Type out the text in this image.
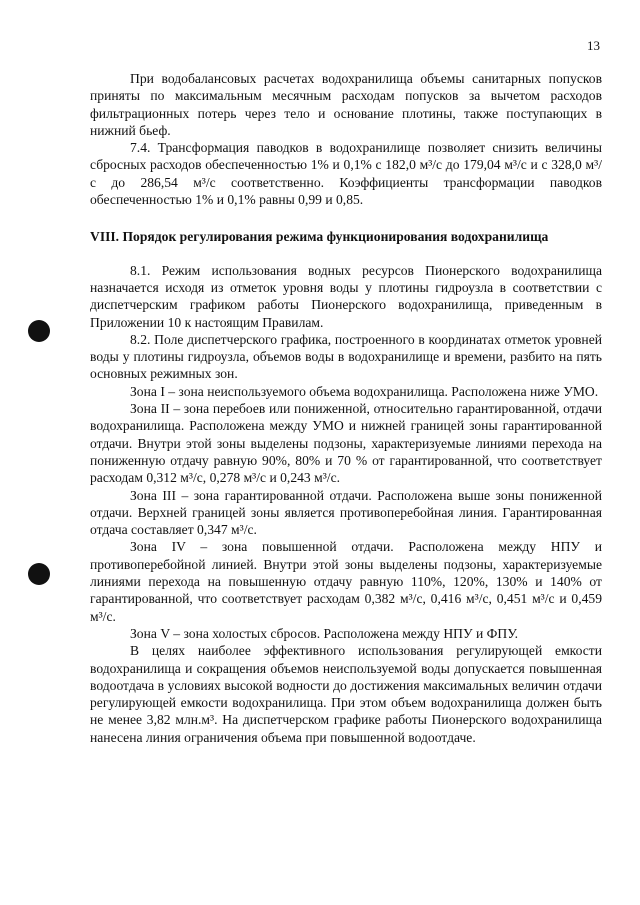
13

При водобалансовых расчетах водохранилища объемы санитарных попусков приняты по максимальным месячным расходам попусков за вычетом расходов фильтрационных потерь через тело и основание плотины, также поступающих в нижний бьеф.

7.4. Трансформация паводков в водохранилище позволяет снизить величины сбросных расходов обеспеченностью 1% и 0,1% с 182,0 м³/с до 179,04 м³/с и с 328,0 м³/с до 286,54 м³/с соответственно. Коэффициенты трансформации паводков обеспеченностью 1% и 0,1% равны 0,99 и 0,85.

VIII. Порядок регулирования режима функционирования водохранилища

8.1. Режим использования водных ресурсов Пионерского водохранилища назначается исходя из отметок уровня воды у плотины гидроузла в соответствии с диспетчерским графиком работы Пионерского водохранилища, приведенным в Приложении 10 к настоящим Правилам.

8.2. Поле диспетчерского графика, построенного в координатах отметок уровней воды у плотины гидроузла, объемов воды в водохранилище и времени, разбито на пять основных режимных зон.

Зона I – зона неиспользуемого объема водохранилища. Расположена ниже УМО.

Зона II – зона перебоев или пониженной, относительно гарантированной, отдачи водохранилища. Расположена между УМО и нижней границей зоны гарантированной отдачи. Внутри этой зоны выделены подзоны, характеризуемые линиями перехода на пониженную отдачу равную 90%, 80% и 70 % от гарантированной, что соответствует расходам 0,312 м³/с, 0,278 м³/с и 0,243 м³/с.

Зона III – зона гарантированной отдачи. Расположена выше зоны пониженной отдачи. Верхней границей зоны является противоперебойная линия. Гарантированная отдача составляет 0,347 м³/с.

Зона IV – зона повышенной отдачи. Расположена между НПУ и противоперебойной линией. Внутри этой зоны выделены подзоны, характеризуемые линиями перехода на повышенную отдачу равную 110%, 120%, 130% и 140% от гарантированной, что соответствует расходам 0,382 м³/с, 0,416 м³/с, 0,451 м³/с и 0,459 м³/с.

Зона V – зона холостых сбросов. Расположена между НПУ и ФПУ.

В целях наиболее эффективного использования регулирующей емкости водохранилища и сокращения объемов неиспользуемой воды допускается повышенная водоотдача в условиях высокой водности до достижения максимальных величин отдачи регулирующей емкости водохранилища. При этом объем водохранилища должен быть не менее 3,82 млн.м³. На диспетчерском графике работы Пионерского водохранилища нанесена линия ограничения объема при повышенной водоотдаче.
